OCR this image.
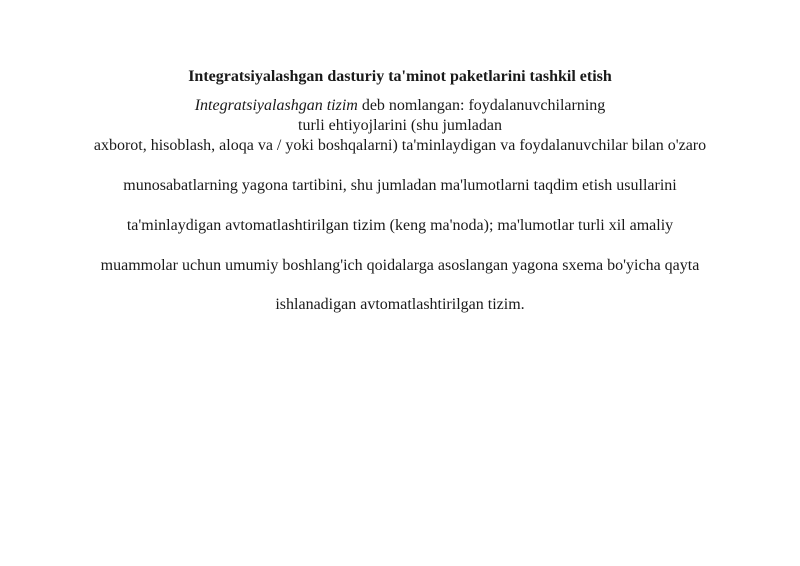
Integratsiyalashgan dasturiy ta'minot paketlarini tashkil etish
Integratsiyalashgan tizim deb nomlangan: foydalanuvchilarning
turli ehtiyojlarini (shu jumladan
axborot, hisoblash, aloqa va / yoki boshqalarni) ta'minlaydigan va foydalanuvchilar bilan o'zaro
munosabatlarning yagona tartibini, shu jumladan ma'lumotlarni taqdim etish usullarini
ta'minlaydigan avtomatlashtirilgan tizim (keng ma'noda); ma'lumotlar turli xil amaliy
muammolar uchun umumiy boshlang'ich qoidalarga asoslangan yagona sxema bo'yicha qayta
ishlanadigan avtomatlashtirilgan tizim.
